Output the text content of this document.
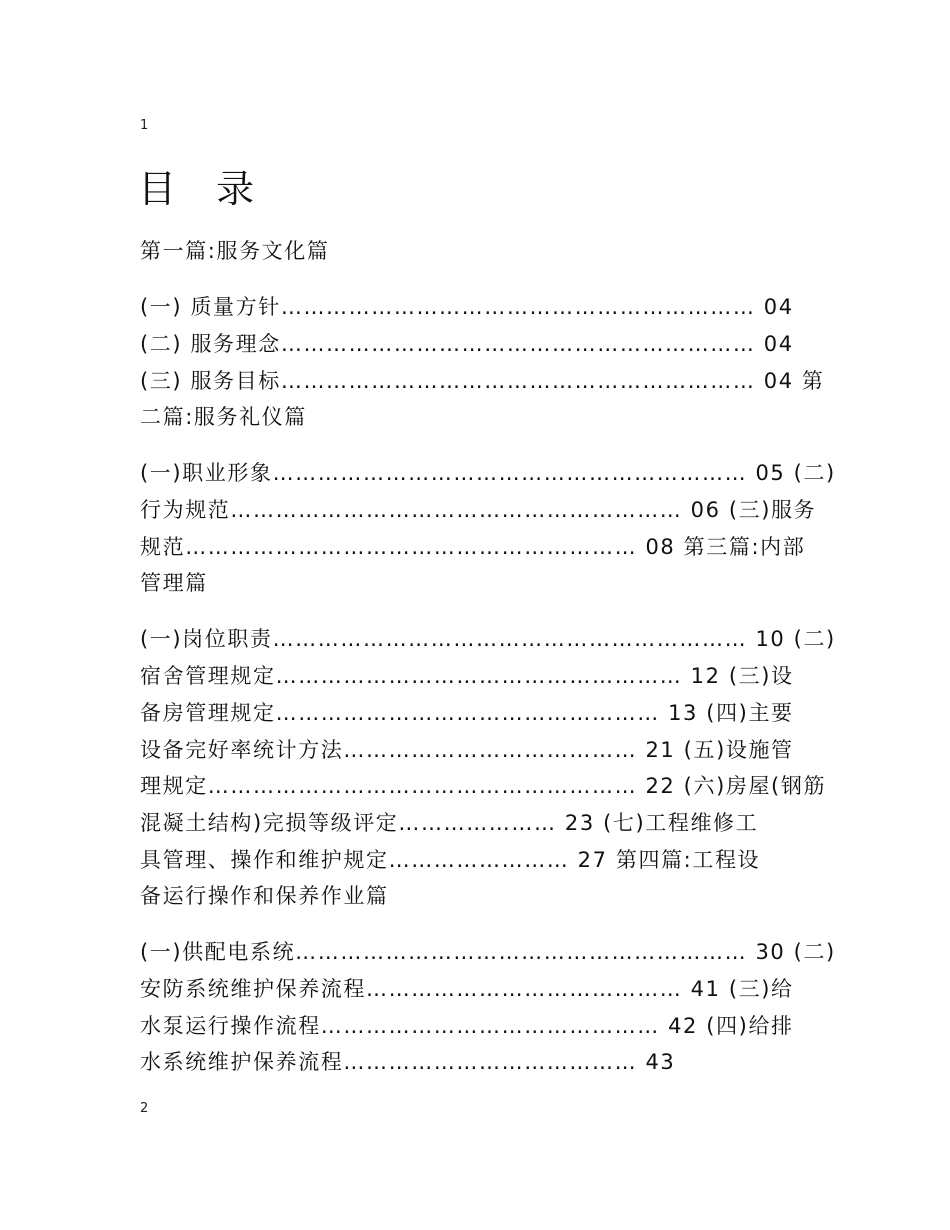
1
目 录
第一篇:服务文化篇
(一) 质量方针……………………………………………………… 04
(二) 服务理念……………………………………………………… 04
(三) 服务目标……………………………………………………… 04 第
二篇:服务礼仪篇
(一)职业形象……………………………………………………… 05 (二)
行为规范…………………………………………………… 06 (三)服务
规范…………………………………………………… 08 第三篇:内部
管理篇
(一)岗位职责……………………………………………………… 10 (二)
宿舍管理规定……………………………………………… 12 (三)设
备房管理规定…………………………………………… 13 (四)主要
设备完好率统计方法………………………………… 21 (五)设施管
理规定………………………………………………… 22 (六)房屋(钢筋
混凝土结构)完损等级评定………………… 23 (七)工程维修工
具管理、操作和维护规定…………………… 27 第四篇:工程设
备运行操作和保养作业篇
(一)供配电系统…………………………………………………… 30 (二)
安防系统维护保养流程…………………………………… 41 (三)给
水泵运行操作流程……………………………………… 42 (四)给排
水系统维护保养流程………………………………… 43
2
